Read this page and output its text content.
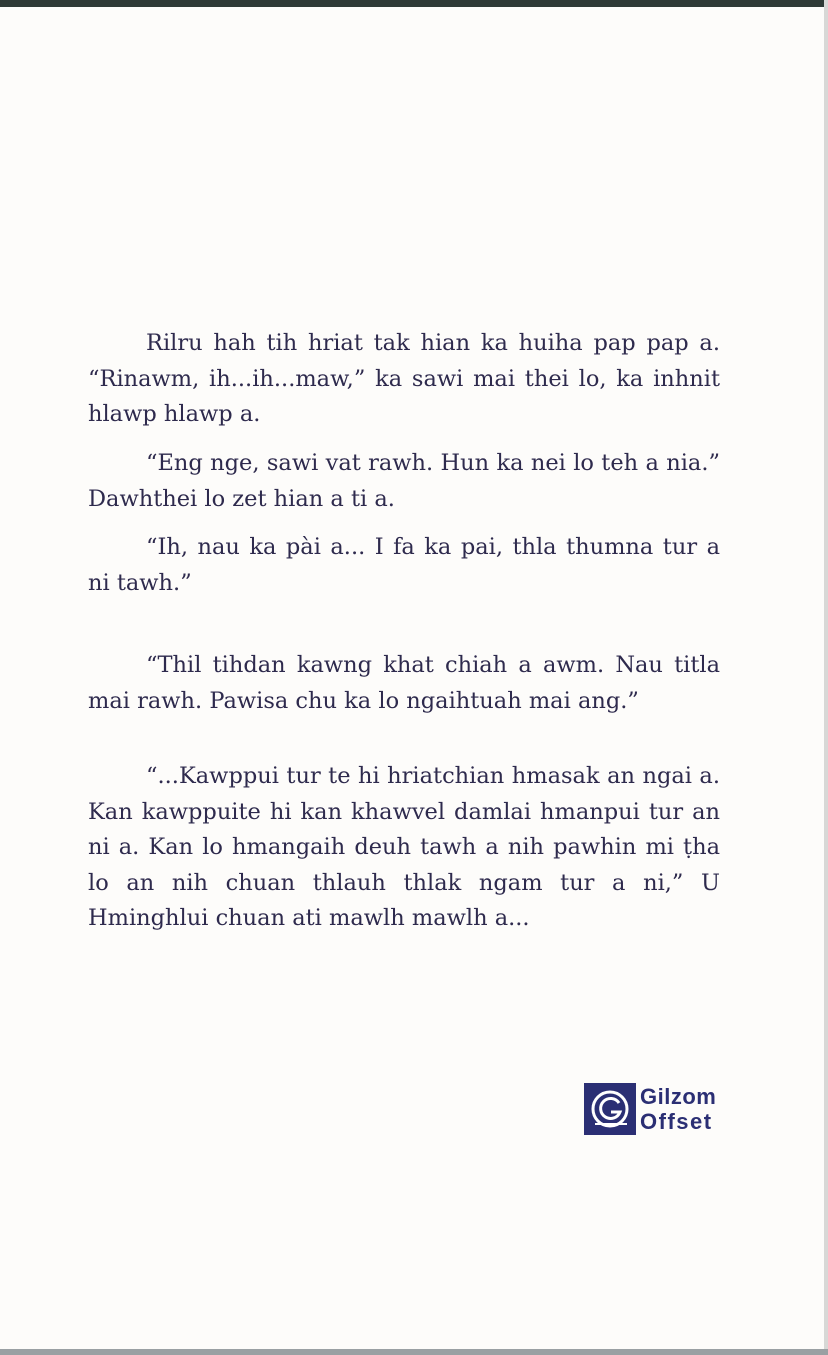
Rilru hah tih hriat tak hian ka huiha pap pap a. “Rinawm, ih...ih...maw,” ka sawi mai thei lo, ka inhnit hlawp hlawp a.

“Eng nge, sawi vat rawh. Hun ka nei lo teh a nia.” Dawhthei lo zet hian a ti a.

“Ih, nau ka pài a... I fa ka pai, thla thumna tur a ni tawh.”

“Thil tihdan kawng khat chiah a awm. Nau titla mai rawh. Pawisa chu ka lo ngaihtuah mai ang.”

“...Kawppui tur te hi hriatchian hmasak an ngai a. Kan kawppuite hi kan khawvel damlai hmanpui tur an ni a. Kan lo hmangaih deuh tawh a nih pawhin mi ṭha lo an nih chuan thlauh thlak ngam tur a ni,” U Hminghlui chuan ati mawlh mawlh a...

Gilzom
Offset
